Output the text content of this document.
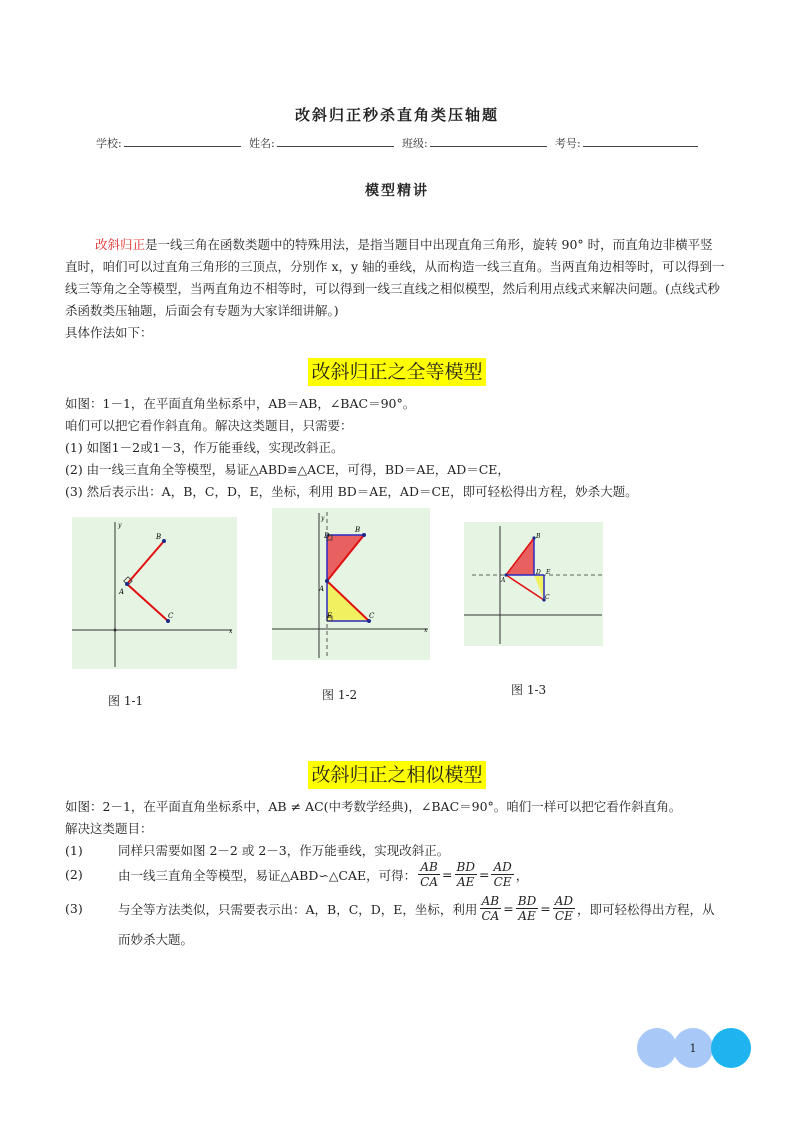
改斜归正秒杀直角类压轴题
学校:	姓名:	班级:	考号:
模型精讲
改斜归正是一线三角在函数类题中的特殊用法，是指当题目中出现直角三角形，旋转 90° 时，而直角边非横平竖直时，咱们可以过直角三角形的三顶点，分别作 x，y 轴的垂线，从而构造一线三直角。当两直角边相等时，可以得到一线三等角之全等模型，当两直角边不相等时，可以得到一线三直线之相似模型，然后利用点线式来解决问题。(点线式秒杀函数类压轴题，后面会有专题为大家详细讲解。)
具体作法如下：
改斜归正之全等模型
如图：1－1，在平面直角坐标系中，AB＝AB，∠BAC＝90°。
咱们可以把它看作斜直角。解决这类题目，只需要：
(1) 如图1－2或1－3，作万能垂线，实现改斜正。
(2) 由一线三直角全等模型，易证△ABD≌△ACE，可得，BD＝AE，AD＝CE，
(3) 然后表示出：A，B，C，D，E，坐标，利用 BD＝AE，AD＝CE，即可轻松得出方程，妙杀大题。
B
A
C
x
y
图 1-1
B
D
A
E	C
x
y
图 1-2
B
A
D E
C
图 1-3
改斜归正之相似模型
如图：2－1，在平面直角坐标系中，AB ≠ AC(中考数学经典)，∠BAC＝90°。咱们一样可以把它看作斜直角。
解决这类题目：
(1)	同样只需要如图 2－2 或 2－3，作万能垂线，实现改斜正。
(2)	由一线三直角全等模型，易证△ABD∽△CAE，可得： $\frac{AB}{CA} = \frac{BD}{AE} = \frac{AD}{CE}$ ，
(3)	与全等方法类似，只需要表示出：A，B，C，D，E，坐标，利用 $\frac{AB}{CA} = \frac{BD}{AE} = \frac{AD}{CE}$ ，即可轻松得出方程，从
而妙杀大题。
1
